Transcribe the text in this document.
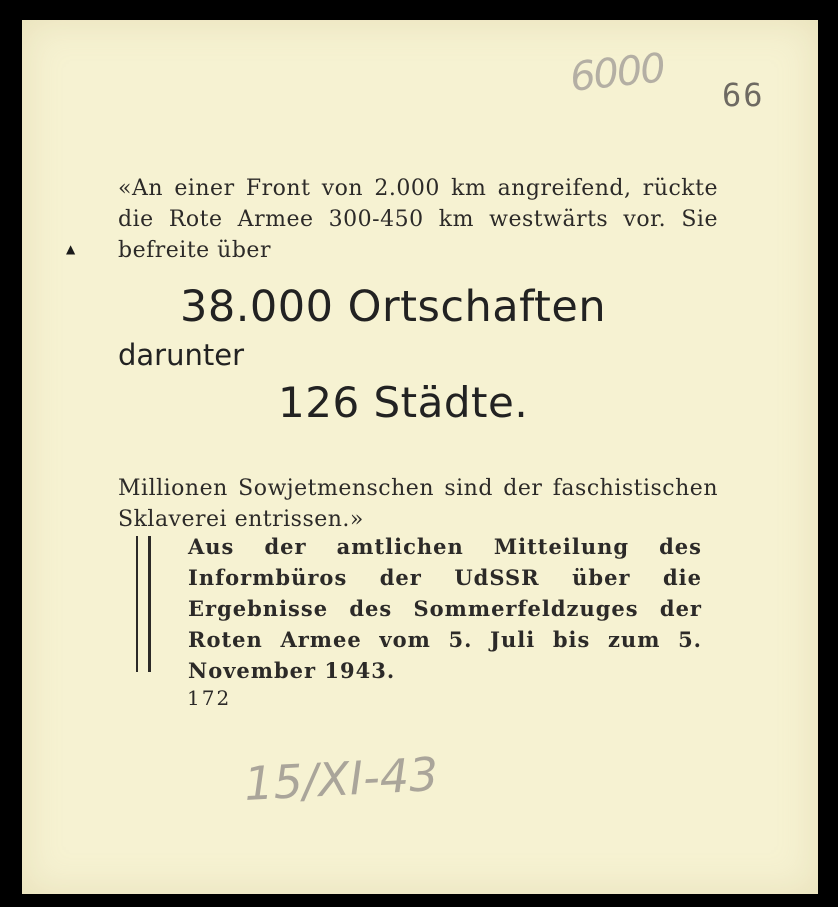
6000 66
▲
«An einer Front von 2.000 km angreifend, rückte die Rote Armee 300-450 km westwärts vor. Sie befreite über
38.000 Ortschaften
darunter
126 Städte.
Millionen Sowjetmenschen sind der faschistischen Sklaverei entrissen.»
Aus der amtlichen Mitteilung des Informbüros der UdSSR über die Ergebnisse des Sommerfeldzuges der Roten Armee vom 5. Juli bis zum 5. November 1943.
172
15/XI-43
